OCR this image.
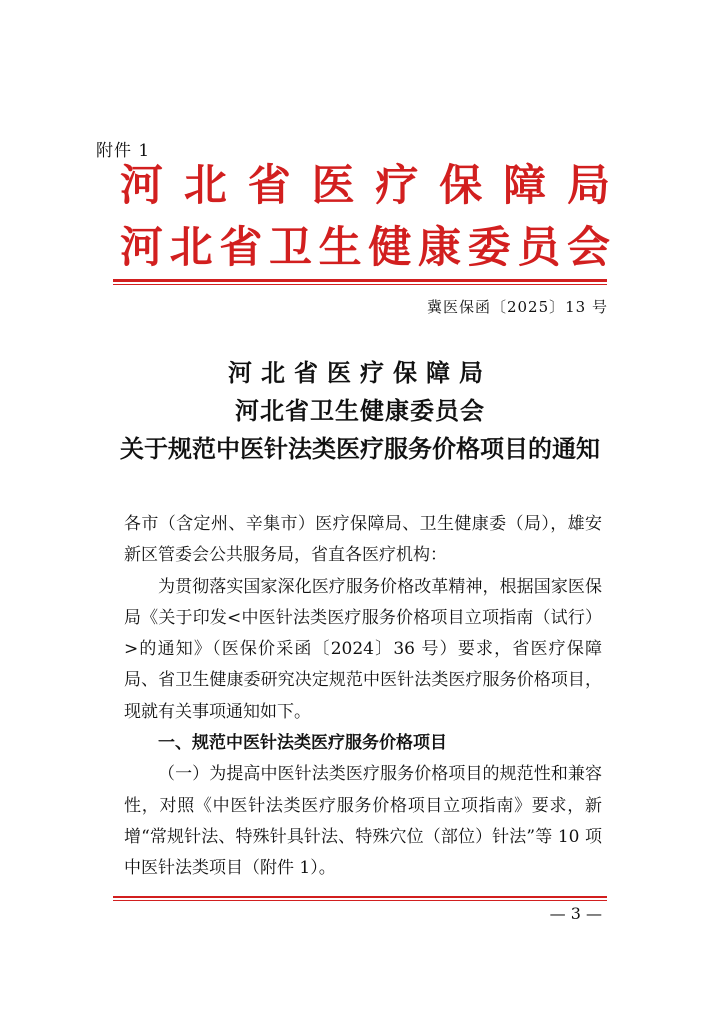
附件 1
河北省医疗保障局
河北省卫生健康委员会
冀医保函〔2025〕13 号
河北省医疗保障局
河北省卫生健康委员会
关于规范中医针法类医疗服务价格项目的通知

各市（含定州、辛集市）医疗保障局、卫生健康委（局），雄安新区管委会公共服务局，省直各医疗机构：

为贯彻落实国家深化医疗服务价格改革精神，根据国家医保局《关于印发<中医针法类医疗服务价格项目立项指南（试行）>的通知》（医保价采函〔2024〕36 号）要求，省医疗保障局、省卫生健康委研究决定规范中医针法类医疗服务价格项目，现就有关事项通知如下。

一、规范中医针法类医疗服务价格项目

（一）为提高中医针法类医疗服务价格项目的规范性和兼容性，对照《中医针法类医疗服务价格项目立项指南》要求，新增“常规针法、特殊针具针法、特殊穴位（部位）针法”等 10 项中医针法类项目（附件 1）。

— 3 —
